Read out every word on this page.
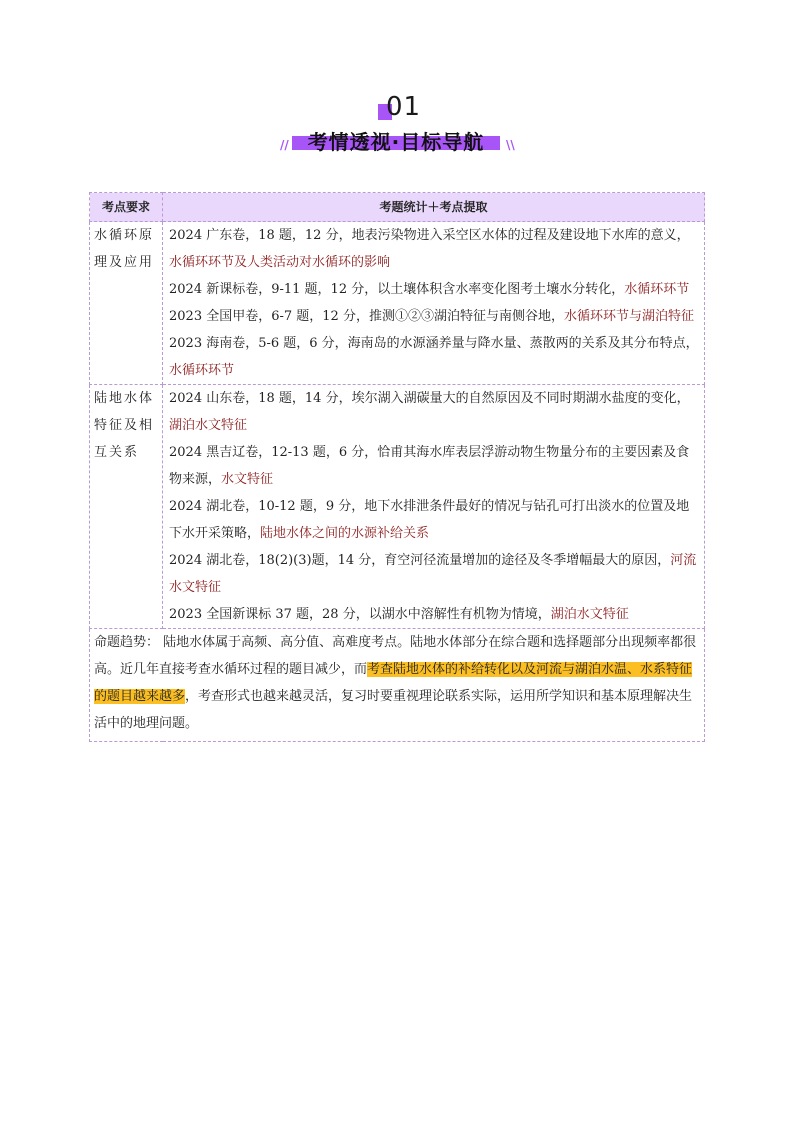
01
// 考情透视·目标导航	\\
考点要求	考题统计＋考点提取
水循环原理及应用	2024 广东卷，18 题，12 分，地表污染物进入采空区水体的过程及建设地下水库的意义，水循环环节及人类活动对水循环的影响
2024 新课标卷，9-11 题，12 分，以土壤体积含水率变化图考土壤水分转化，水循环环节
2023 全国甲卷，6-7 题，12 分，推测①②③湖泊特征与南侧谷地，水循环环节与湖泊特征
2023 海南卷，5-6 题，6 分，海南岛的水源涵养量与降水量、蒸散两的关系及其分布特点，水循环环节

陆地水体特征及相互关系	2024 山东卷，18 题，14 分，埃尔湖入湖碳量大的自然原因及不同时期湖水盐度的变化，湖泊水文特征
2024 黑吉辽卷，12-13 题，6 分，恰甫其海水库表层浮游动物生物量分布的主要因素及食物来源，水文特征
2024 湖北卷，10-12 题，9 分，地下水排泄条件最好的情况与钻孔可打出淡水的位置及地下水开采策略，陆地水体之间的水源补给关系
2024 湖北卷，18(2)(3)题，14 分，育空河径流量增加的途径及冬季增幅最大的原因，河流水文特征
2023 全国新课标 37 题，28 分，以湖水中溶解性有机物为情境，湖泊水文特征

命题趋势： 陆地水体属于高频、高分值、高难度考点。陆地水体部分在综合题和选择题部分出现频率都很高。近几年直接考查水循环过程的题目减少，而考查陆地水体的补给转化以及河流与湖泊水温、水系特征的题目越来越多，考查形式也越来越灵活，复习时要重视理论联系实际，运用所学知识和基本原理解决生活中的地理问题。	
